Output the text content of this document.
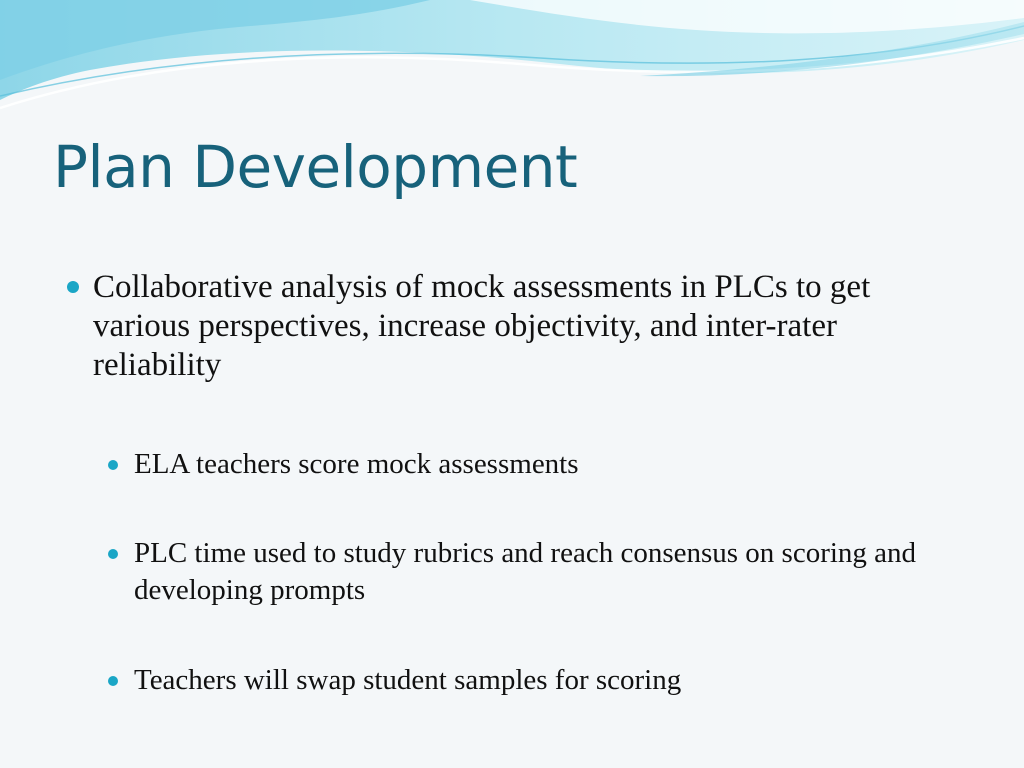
Plan Development
Collaborative analysis of mock assessments in PLCs to get various perspectives, increase objectivity, and inter-rater reliability
ELA teachers score mock assessments
PLC time used to study rubrics and reach consensus on scoring and developing prompts
Teachers will swap student samples for scoring
